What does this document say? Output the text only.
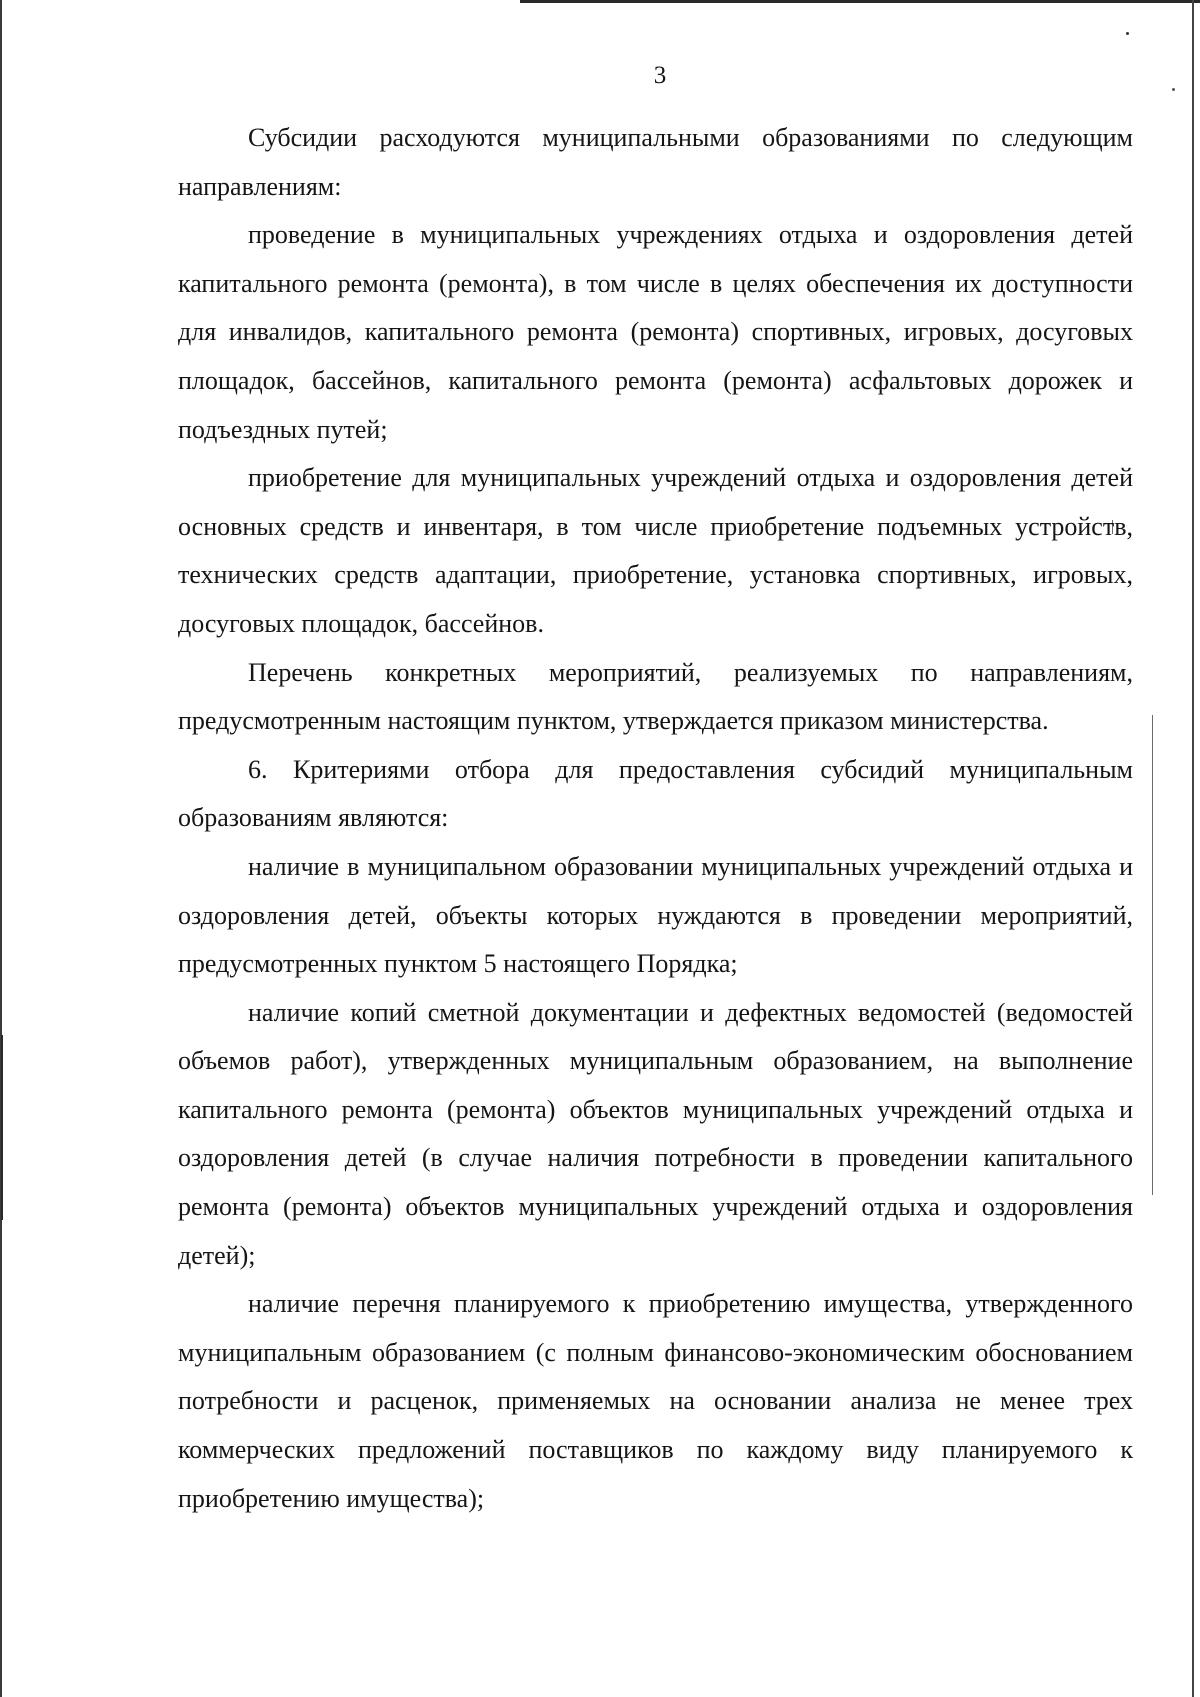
3

Субсидии расходуются муниципальными образованиями по следующим направлениям:

проведение в муниципальных учреждениях отдыха и оздоровления детей капитального ремонта (ремонта), в том числе в целях обеспечения их доступности для инвалидов, капитального ремонта (ремонта) спортивных, игровых, досуговых площадок, бассейнов, капитального ремонта (ремонта) асфальтовых дорожек и подъездных путей;

приобретение для муниципальных учреждений отдыха и оздоровления детей основных средств и инвентаря, в том числе приобретение подъемных устройств, технических средств адаптации, приобретение, установка спортивных, игровых, досуговых площадок, бассейнов.

Перечень конкретных мероприятий, реализуемых по направлениям, предусмотренным настоящим пунктом, утверждается приказом министерства.

6. Критериями отбора для предоставления субсидий муниципальным образованиям являются:

наличие в муниципальном образовании муниципальных учреждений отдыха и оздоровления детей, объекты которых нуждаются в проведении мероприятий, предусмотренных пунктом 5 настоящего Порядка;

наличие копий сметной документации и дефектных ведомостей (ведомостей объемов работ), утвержденных муниципальным образованием, на выполнение капитального ремонта (ремонта) объектов муниципальных учреждений отдыха и оздоровления детей (в случае наличия потребности в проведении капитального ремонта (ремонта) объектов муниципальных учреждений отдыха и оздоровления детей);

наличие перечня планируемого к приобретению имущества, утвержденного муниципальным образованием (с полным финансово-экономическим обоснованием потребности и расценок, применяемых на основании анализа не менее трех коммерческих предложений поставщиков по каждому виду планируемого к приобретению имущества);
